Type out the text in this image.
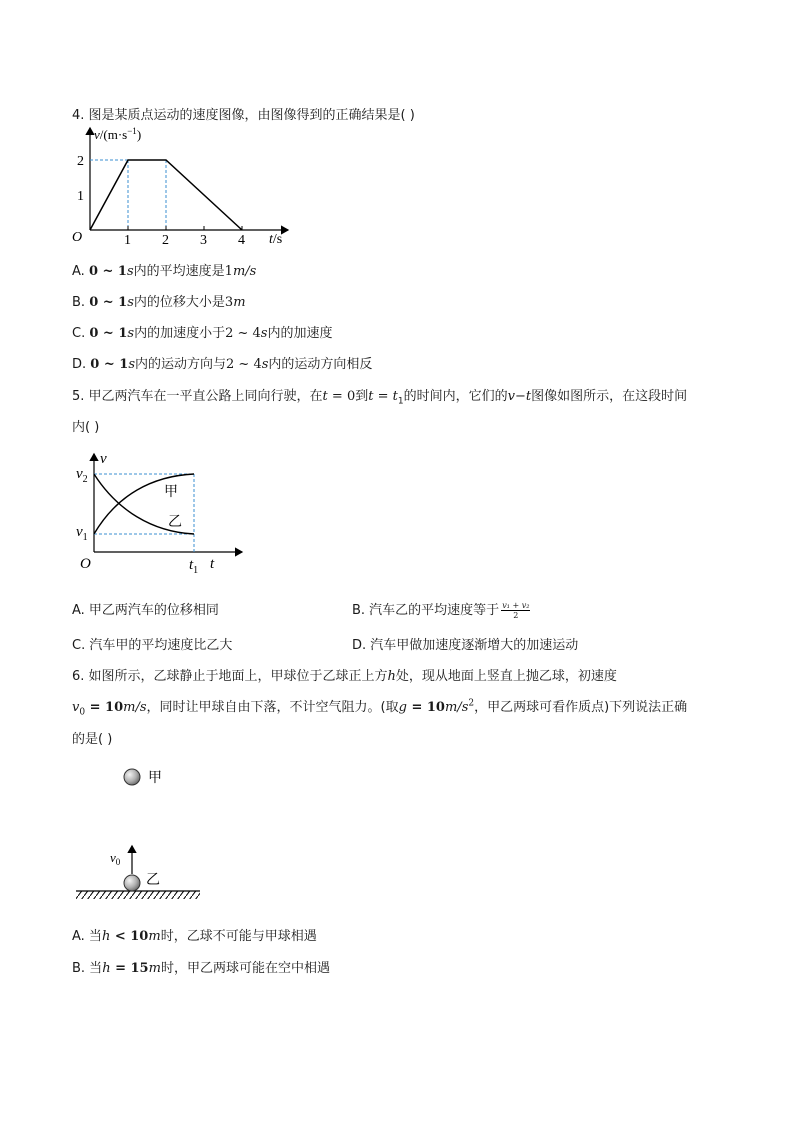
4. 图是某质点运动的速度图像，由图像得到的正确结果是( )
$v/(m\cdot s^{-1})$
O	1 2 3 4
1
2
t/s
A. 0 ~ 1s内的平均速度是1m/s
B. 0 ~ 1s内的位移大小是3m
C. 0 ~ 1s内的加速度小于2 ~ 4s内的加速度
D. 0 ~ 1s内的运动方向与2 ~ 4s内的运动方向相反
5. 甲乙两汽车在一平直公路上同向行驶，在t = 0到$t = t_1$的时间内，它们的v−t图像如图所示，在这段时间
内( )
v
$v_2$
$v_1$
O	$t_1$ t
甲
乙
A. 甲乙两汽车的位移相同	B. 汽车乙的平均速度等于 $\frac{\text{v₁ + v₂}}{2}$
C. 汽车甲的平均速度比乙大	D. 汽车甲做加速度逐渐增大的加速运动
6. 如图所示，乙球静止于地面上，甲球位于乙球正上方h处，现从地面上竖直上抛乙球，初速度
$v_0 = 10m/s$，同时让甲球自由下落，不计空气阻力。(取$g = 10m/s^2$，甲乙两球可看作质点)下列说法正确
的是( )
甲
乙
$v_0$
A. 当h < 10m时，乙球不可能与甲球相遇
B. 当h = 15m时，甲乙两球可能在空中相遇
